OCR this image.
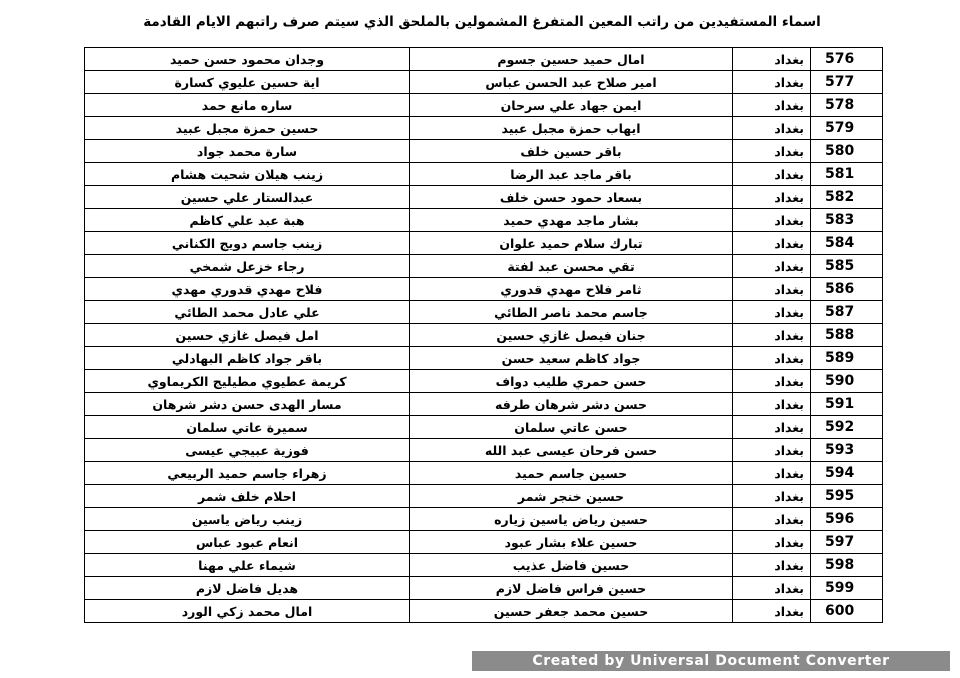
اسماء المستفيدين من راتب المعين المتفرغ المشمولين بالملحق الذي سيتم صرف راتبهم الايام القادمة
576	بغداد	امال حميد حسين جسوم	وجدان محمود حسن حميد
577	بغداد	امير صلاح عبد الحسن عباس	اية حسين عليوي كسارة
578	بغداد	ايمن جهاد علي سرحان	ساره مانع حمد
579	بغداد	ايهاب حمزة مجبل عبيد	حسين حمزة مجبل عبيد
580	بغداد	باقر حسين خلف	سارة محمد جواد
581	بغداد	باقر ماجد عبد الرضا	زينب هيلان شحيت هشام
582	بغداد	بسعاد حمود حسن خلف	عبدالستار علي حسين
583	بغداد	بشار ماجد مهدي حميد	هبة عبد علي كاظم
584	بغداد	تبارك سلام حميد علوان	زينب جاسم دويج الكناني
585	بغداد	تقي محسن عبد لفتة	رجاء خزعل شمخي
586	بغداد	ثامر فلاح مهدي قدوري	فلاح مهدي قدوري مهدي
587	بغداد	جاسم محمد ناصر الطائي	علي عادل محمد الطائي
588	بغداد	جنان فيصل غازي حسين	امل فيصل غازي حسين
589	بغداد	جواد كاظم سعيد حسن	باقر جواد كاظم البهادلي
590	بغداد	حسن حمري طليب دواف	كريمة عطيوي مطيليج الكريماوي
591	بغداد	حسن دشر شرهان طرفه	مسار الهدى حسن دشر شرهان
592	بغداد	حسن عاتي سلمان	سميرة عاتي سلمان
593	بغداد	حسن فرحان عيسى عبد الله	فوزية عبيجي عيسى
594	بغداد	حسين جاسم حميد	زهراء جاسم حميد الربيعي
595	بغداد	حسين خنجر شمر	احلام خلف شمر
596	بغداد	حسين رياض ياسين زياره	زينب رياض ياسين
597	بغداد	حسين علاء بشار عبود	انعام عبود عباس
598	بغداد	حسين فاضل عذيب	شيماء علي مهنا
599	بغداد	حسين فراس فاضل لازم	هديل فاضل لازم
600	بغداد	حسين محمد جعفر حسين	امال محمد زكي الورد
Created by Universal Document Converter
